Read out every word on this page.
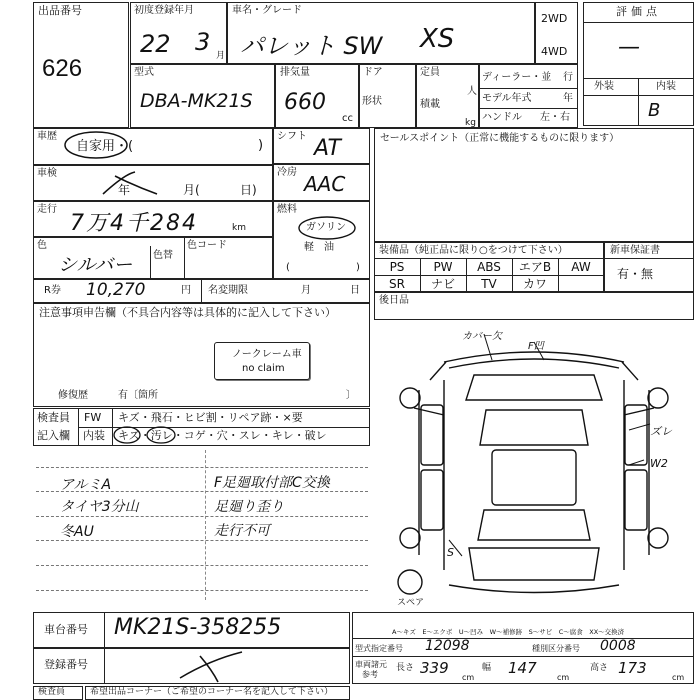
出品番号
626
初度登録年月
22 3 月
車名・グレード
パレット SW XS
2WD
4WD
評価点
—
外装	内装
B
型式
DBA-MK21S
排気量
660
cc
ドア
形状
定員
人
積載
kg
ディーラー・並 行
モデル年式	年
ハンドル 左・右
車歴
自家用・(	)
車検
年	月(	日)
走行
7万4千284	km
色
シルバー 色替
色コード
R券 10,270	円 名変期限	月	日
シフト AT
冷房 AAC
燃料
ガソリン
軽　油
(	)
注意事項申告欄（不具合内容等は具体的に記入して下さい）
ノークレーム車
no claim
修復歴	有〔箇所	〕
検査員
記入欄
FW キズ・飛石・ヒビ割・リペア跡・×要
内装 キズ・汚レ・コゲ・穴・スレ・キレ・破レ
アルミA
タイヤ3分山
冬AU
F足廻取付部C交換
足廻り歪り
走行不可
セールスポイント（正常に機能するものに限ります）
装備品（純正品に限り○をつけて下さい）
PS	PW	ABS	エアB	AW
SR	ナビ	TV	カワ
新車保証書
有・無
後日品
カバー欠
F凹
ズレ
W2
S
スペア
車台番号 MK21S-358255
登録番号
A～キズ　E～エクボ　U～凹み　W～補修跡　S～サビ　C～腐食　XX～交換済
型式指定番号 12098	種別区分番号 0008
車両諸元
参考
長さ 339
cm
幅 147
cm
高さ 173
cm
検査員	希望出品コーナー（ご希望のコーナー名を記入して下さい）
